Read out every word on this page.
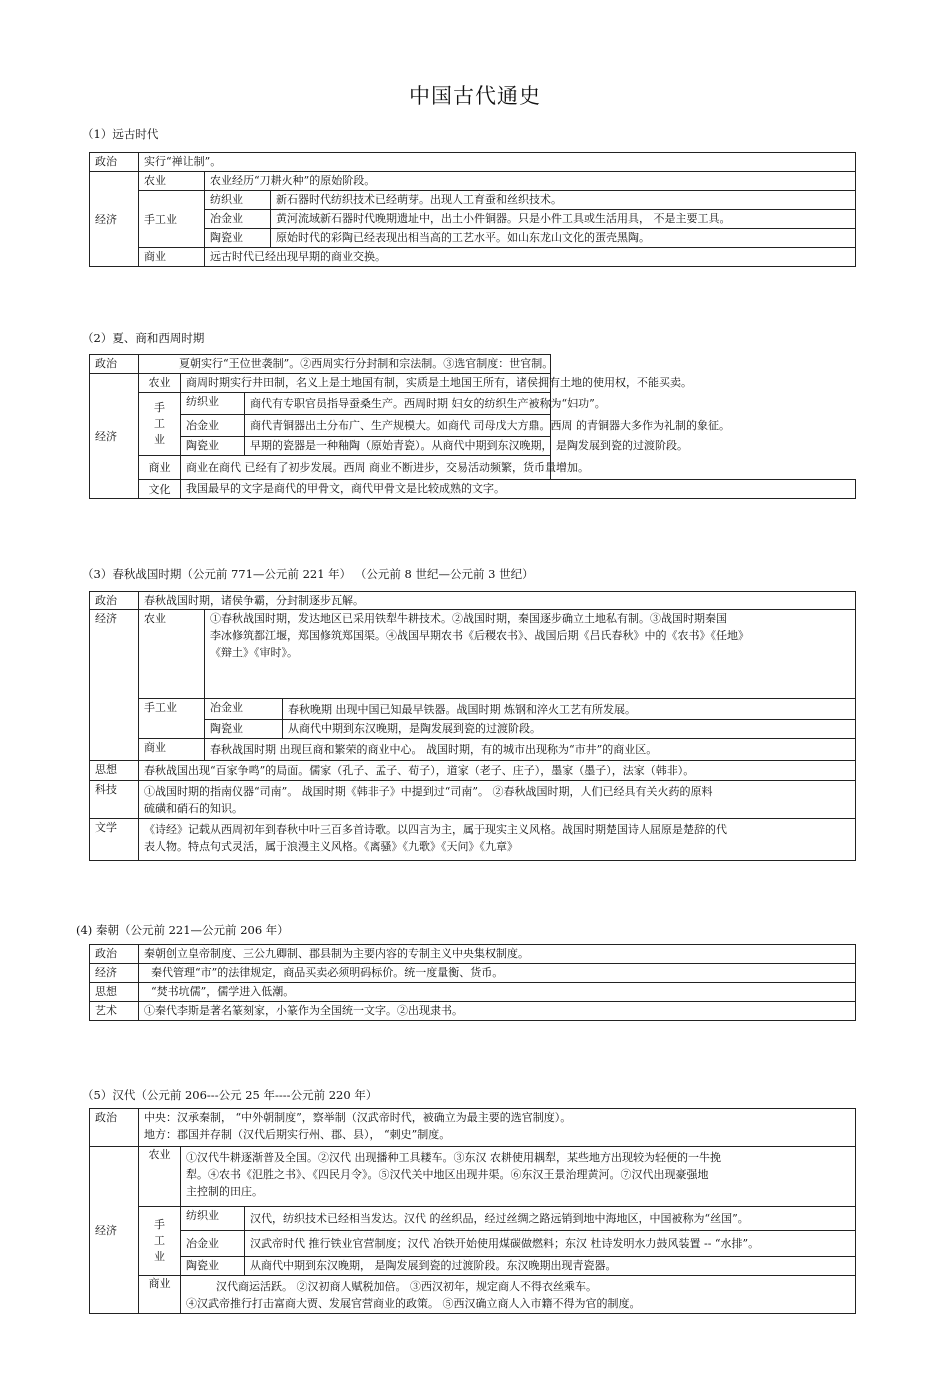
中国古代通史
（1）远古时代
政治	实行“禅让制”。		
经济	农业	农业经历“刀耕火种”的原始阶段。	
	手工业	纺织业	新石器时代纺织技术已经萌芽。出现人工育蚕和丝织技术。
		冶金业	黄河流域新石器时代晚期遗址中，出土小件铜器。只是小件工具或生活用具， 不是主要工具。
		陶瓷业	原始时代的彩陶已经表现出相当高的工艺水平。如山东龙山文化的蛋壳黑陶。
	商业	远古时代已经出现早期的商业交换。	
（2）夏、商和西周时期
政治	夏朝实行“王位世袭制”。②西周实行分封制和宗法制。③选官制度：世官制。		
经济	农业	商周时期实行井田制，名义上是土地国有制，实质是土地国王所有，诸侯拥有土地的使用权，不能买卖。	
	手
工
业	纺织业	商代有专职官员指导蚕桑生产。西周时期 妇女的纺织生产被称为“妇功”。
		冶金业	商代青铜器出土分布广、生产规模大。如商代 司母戊大方鼎。西周 的青铜器大多作为礼制的象征。
		陶瓷业	早期的瓷器是一种釉陶（原始青瓷）。从商代中期到东汉晚期， 是陶发展到瓷的过渡阶段。
	商业	商业在商代 已经有了初步发展。西周 商业不断进步，交易活动频繁，货币量增加。	
	文化	我国最早的文字是商代的甲骨文，商代甲骨文是比较成熟的文字。	
（3）春秋战国时期（公元前 771—公元前 221 年） （公元前 8 世纪—公元前 3 世纪）
政治	春秋战国时期，诸侯争霸，分封制逐步瓦解。		
经济	农业	①春秋战国时期，发达地区已采用铁犁牛耕技术。②战国时期，秦国逐步确立土地私有制。③战国时期秦国
李冰修筑都江堰，郑国修筑郑国渠。④战国早期农书《后稷农书》、战国后期《吕氏春秋》中的《农书》《任地》
《辩土》《审时》。	

	手工业	冶金业	春秋晚期 出现中国已知最早铁器。战国时期 炼钢和淬火工艺有所发展。
		陶瓷业	从商代中期到东汉晚期，是陶发展到瓷的过渡阶段。
	商业	春秋战国时期 出现巨商和繁荣的商业中心。 战国时期，有的城市出现称为“市井”的商业区。	
思想	春秋战国出现“百家争鸣”的局面。儒家（孔子、孟子、荀子），道家（老子、庄子），墨家（墨子），法家（韩非）。		
科技	①战国时期的指南仪器“司南”。 战国时期《韩非子》中提到过“司南”。 ②春秋战国时期，人们已经具有关火药的原料
硫磺和硝石的知识。		

文学	《诗经》记载从西周初年到春秋中叶三百多首诗歌。以四言为主，属于现实主义风格。战国时期楚国诗人屈原是楚辞的代
表人物。特点句式灵活，属于浪漫主义风格。《离骚》《九歌》《天问》《九章》		
(4) 秦朝（公元前 221—公元前 206 年）
政治	秦朝创立皇帝制度、三公九卿制、郡县制为主要内容的专制主义中央集权制度。
经济	秦代管理“市”的法律规定，商品买卖必须明码标价。统一度量衡、货币。
思想	“焚书坑儒”，儒学进入低潮。
艺术	①秦代李斯是著名篆刻家，小篆作为全国统一文字。②出现隶书。
（5）汉代（公元前 206---公元 25 年----公元前 220 年）
政治	中央：汉承秦制， “中外朝制度”，察举制（汉武帝时代，被确立为最主要的选官制度）。
地方：郡国并存制（汉代后期实行州、郡、县）， “刺史”制度。		

经济	农业	①汉代牛耕逐渐普及全国。②汉代 出现播种工具耧车。③东汉 农耕使用耦犁，某些地方出现较为轻便的一牛挽
犁。④农书《氾胜之书》、《四民月令》。⑤汉代关中地区出现井渠。⑥东汉王景治理黄河。⑦汉代出现豪强地
主控制的田庄。	

	手
工
业	纺织业	汉代，纺织技术已经相当发达。汉代 的丝织品，经过丝绸之路远销到地中海地区，中国被称为“丝国”。
		冶金业	汉武帝时代 推行铁业官营制度；汉代 冶铁开始使用煤碳做燃料；东汉 杜诗发明水力鼓风装置 -- “水排”。
		陶瓷业	从商代中期到东汉晚期， 是陶发展到瓷的过渡阶段。东汉晚期出现青瓷器。
	商业	汉代商运活跃。 ②汉初商人赋税加倍。 ③西汉初年，规定商人不得衣丝乘车。
④汉武帝推行打击富商大贾、发展官营商业的政策。 ⑤西汉确立商人入市籍不得为官的制度。	
